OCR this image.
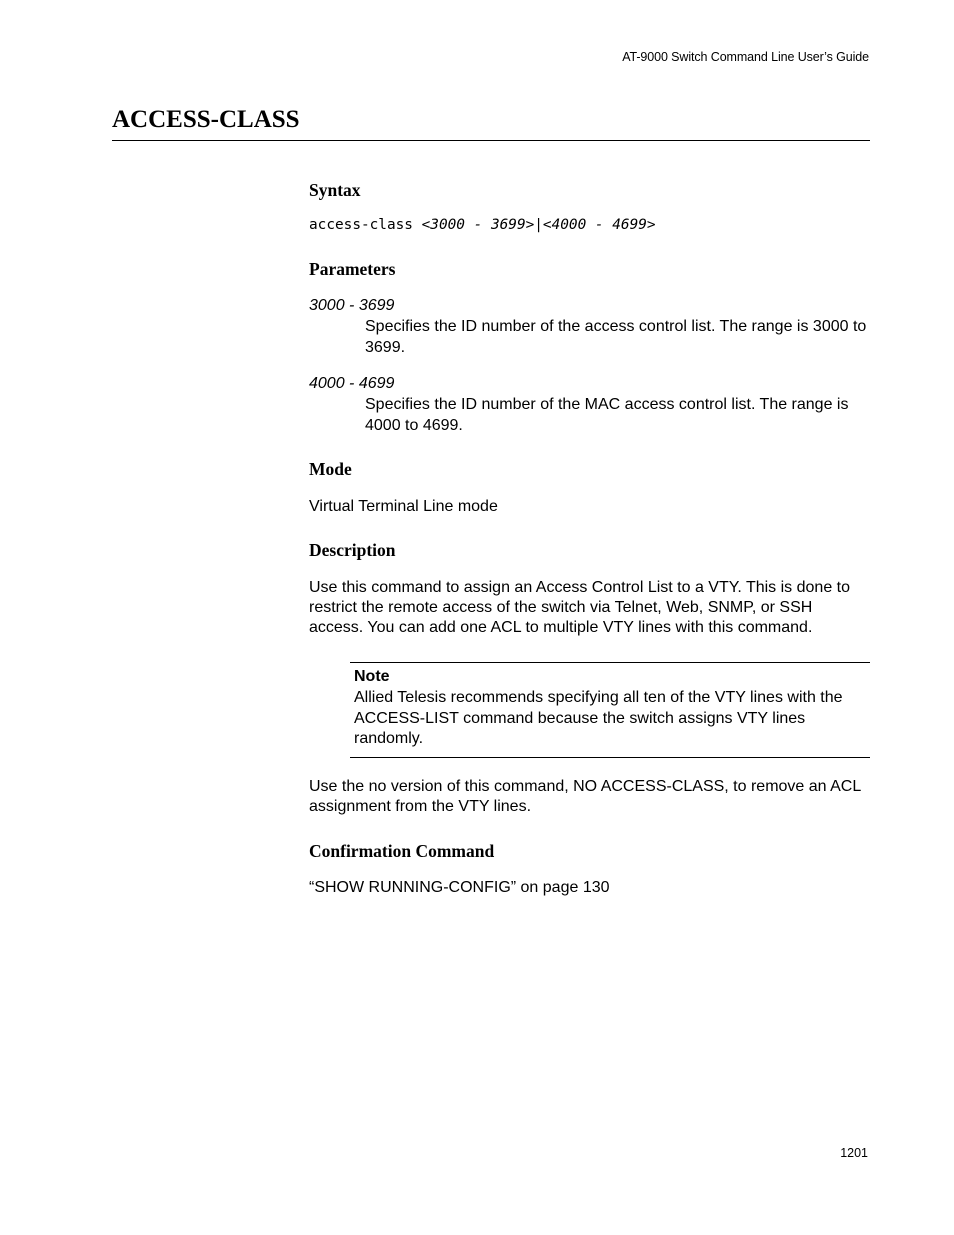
AT-9000 Switch Command Line User’s Guide
ACCESS-CLASS
Syntax
access-class <3000 - 3699>|<4000 - 4699>
Parameters
3000 - 3699

Specifies the ID number of the access control list. The range is 3000 to 3699.

4000 - 4699

Specifies the ID number of the MAC access control list. The range is 4000 to 4699.

Mode

Virtual Terminal Line mode

Description

Use this command to assign an Access Control List to a VTY. This is done to restrict the remote access of the switch via Telnet, Web, SNMP, or SSH access. You can add one ACL to multiple VTY lines with this command.

Note

Allied Telesis recommends specifying all ten of the VTY lines with the ACCESS-LIST command because the switch assigns VTY lines randomly.

Use the no version of this command, NO ACCESS-CLASS, to remove an ACL assignment from the VTY lines.

Confirmation Command

“SHOW RUNNING-CONFIG” on page 130

1201
